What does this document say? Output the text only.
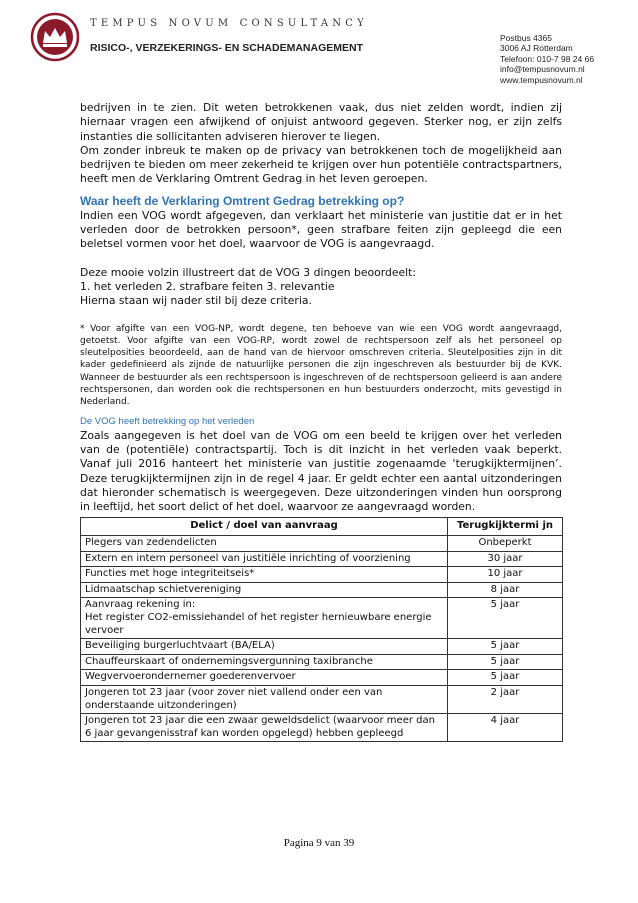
TEMPUS NOVUM CONSULTANCY
RISICO-, VERZEKERINGS- EN SCHADEMANAGEMENT
Postbus 4365
3006 AJ Rotterdam
Telefoon: 010-7 98 24 66
info@tempusnovum.nl
www.tempusnovum.nl

bedrijven in te zien. Dit weten betrokkenen vaak, dus niet zelden wordt, indien zij hiernaar vragen een afwijkend of onjuist antwoord gegeven. Sterker nog, er zijn zelfs instanties die sollicitanten adviseren hierover te liegen.

Om zonder inbreuk te maken op de privacy van betrokkenen toch de mogelijkheid aan bedrijven te bieden om meer zekerheid te krijgen over hun potentiële contractspartners, heeft men de Verklaring Omtrent Gedrag in het leven geroepen.

Waar heeft de Verklaring Omtrent Gedrag betrekking op?

Indien een VOG wordt afgegeven, dan verklaart het ministerie van justitie dat er in het verleden door de betrokken persoon*, geen strafbare feiten zijn gepleegd die een beletsel vormen voor het doel, waarvoor de VOG is aangevraagd.

Deze mooie volzin illustreert dat de VOG 3 dingen beoordeelt:

1. het verleden 2. strafbare feiten 3. relevantie

Hierna staan wij nader stil bij deze criteria.

* Voor afgifte van een VOG-NP, wordt degene, ten behoeve van wie een VOG wordt aangevraagd, getoetst. Voor afgifte van een VOG-RP, wordt zowel de rechtspersoon zelf als het personeel op sleutelposities beoordeeld, aan de hand van de hiervoor omschreven criteria. Sleutelposities zijn in dit kader gedefinieerd als zijnde de natuurlijke personen die zijn ingeschreven als bestuurder bij de KVK. Wanneer de bestuurder als een rechtspersoon is ingeschreven of de rechtspersoon gelieerd is aan andere rechtspersonen, dan worden ook die rechtspersonen en hun bestuurders onderzocht, mits gevestigd in Nederland.

De VOG heeft betrekking op het verleden

Zoals aangegeven is het doel van de VOG om een beeld te krijgen over het verleden van de (potentiële) contractspartij. Toch is dit inzicht in het verleden vaak beperkt. Vanaf juli 2016 hanteert het ministerie van justitie zogenaamde ‘terugkijktermijnen’. Deze terugkijktermijnen zijn in de regel 4 jaar. Er geldt echter een aantal uitzonderingen dat hieronder schematisch is weergegeven. Deze uitzonderingen vinden hun oorsprong in leeftijd, het soort delict of het doel, waarvoor ze aangevraagd worden.

Delict / doel van aanvraag	Terugkijktermi jn
Plegers van zedendelicten	Onbeperkt
Extern en intern personeel van justitiële inrichting of voorziening	30 jaar
Functies met hoge integriteitseis*	10 jaar
Lidmaatschap schietvereniging	8 jaar
Aanvraag rekening in:
Het register CO2-emissiehandel of het register hernieuwbare energie vervoer	5 jaar
Beveiliging burgerluchtvaart (BA/ELA)	5 jaar
Chauffeurskaart of ondernemingsvergunning taxibranche	5 jaar
Wegvervoerondernemer goederenvervoer	5 jaar
Jongeren tot 23 jaar (voor zover niet vallend onder een van onderstaande uitzonderingen)	2 jaar
Jongeren tot 23 jaar die een zwaar geweldsdelict (waarvoor meer dan 6 jaar gevangenisstraf kan worden opgelegd) hebben gepleegd	4 jaar
Pagina 9 van 39
